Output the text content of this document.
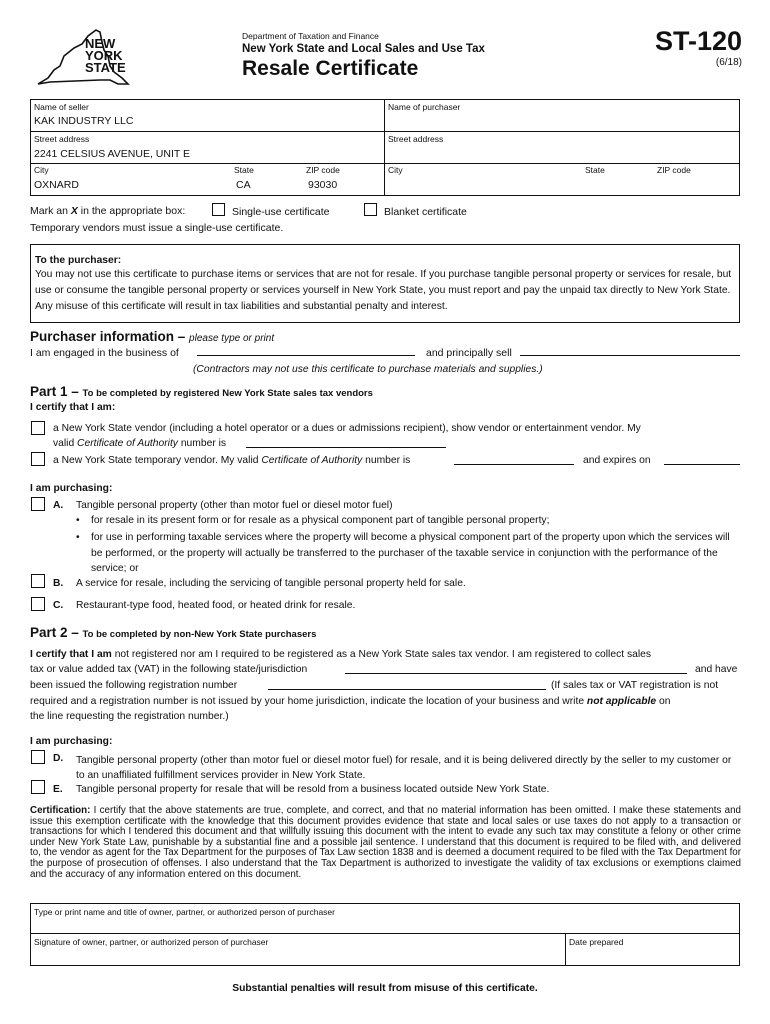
NEW
YORK
STATE
Department of Taxation and Finance
New York State and Local Sales and Use Tax
Resale Certificate
ST-120
(6/18)
Name of seller
KAK INDUSTRY LLC
Street address
2241 CELSIUS AVENUE, UNIT E
City
OXNARD
State
CA
ZIP code
93030
Name of purchaser
Street address
City	State	ZIP code
Mark an X in the appropriate box:	Single-use certificate	Blanket certificate
Temporary vendors must issue a single-use certificate.
To the purchaser:

You may not use this certificate to purchase items or services that are not for resale. If you purchase tangible personal property or services for resale, but use or consume the tangible personal property or services yourself in New York State, you must report and pay the unpaid tax directly to New York State. Any misuse of this certificate will result in tax liabilities and substantial penalty and interest.

Purchaser information – please type or print
I am engaged in the business of	and principally sell
(Contractors may not use this certificate to purchase materials and supplies.)
Part 1 – To be completed by registered New York State sales tax vendors
I certify that I am:
a New York State vendor (including a hotel operator or a dues or admissions recipient), show vendor or entertainment vendor. My
valid Certificate of Authority number is
a New York State temporary vendor. My valid Certificate of Authority number is	and expires on
I am purchasing:
A. Tangible personal property (other than motor fuel or diesel motor fuel)
• for resale in its present form or for resale as a physical component part of tangible personal property;
•	for use in performing taxable services where the property will become a physical component part of the property upon which the services will be performed, or the property will actually be transferred to the purchaser of the taxable service in conjunction with the performance of the service; or
B. A service for resale, including the servicing of tangible personal property held for sale.
C. Restaurant-type food, heated food, or heated drink for resale.
Part 2 – To be completed by non-New York State purchasers
I certify that I am not registered nor am I required to be registered as a New York State sales tax vendor. I am registered to collect sales
tax or value added tax (VAT) in the following state/jurisdiction	and have
been issued the following registration number	(If sales tax or VAT registration is not
required and a registration number is not issued by your home jurisdiction, indicate the location of your business and write not applicable on
the line requesting the registration number.)
I am purchasing:
D. Tangible personal property (other than motor fuel or diesel motor fuel) for resale, and it is being delivered directly by the seller to my customer or to an unaffiliated fulfillment services provider in New York State.
E. Tangible personal property for resale that will be resold from a business located outside New York State.
Certification: I certify that the above statements are true, complete, and correct, and that no material information has been omitted. I make these statements and issue this exemption certificate with the knowledge that this document provides evidence that state and local sales or use taxes do not apply to a transaction or transactions for which I tendered this document and that willfully issuing this document with the intent to evade any such tax may constitute a felony or other crime under New York State Law, punishable by a substantial fine and a possible jail sentence. I understand that this document is required to be filed with, and delivered to, the vendor as agent for the Tax Department for the purposes of Tax Law section 1838 and is deemed a document required to be filed with the Tax Department for the purpose of prosecution of offenses. I also understand that the Tax Department is authorized to investigate the validity of tax exclusions or exemptions claimed and the accuracy of any information entered on this document.
Type or print name and title of owner, partner, or authorized person of purchaser
Signature of owner, partner, or authorized person of purchaser	Date prepared
Substantial penalties will result from misuse of this certificate.
